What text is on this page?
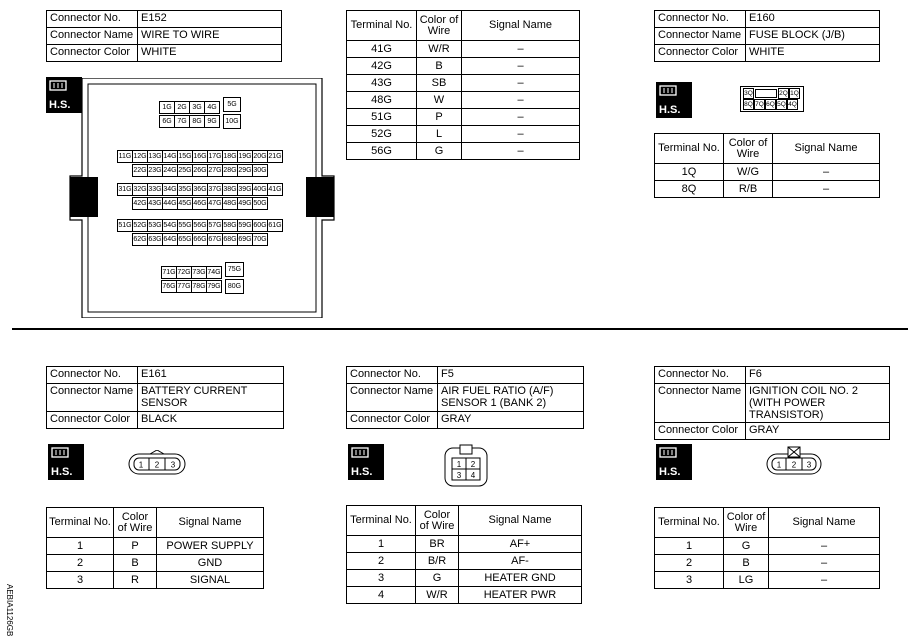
Connector No.	E152
Connector Name	WIRE TO WIRE
Connector Color	WHITE
H.S.	1G 2G 3G 4G	5G
6G 7G 8G 9G	10G
11G 12G 13G 14G 15G 16G 17G 18G 19G 20G 21G
22G 23G 24G 25G 26G 27G 28G 29G 30G
31G 32G 33G 34G 35G 36G 37G 38G 39G 40G 41G
42G 43G 44G 45G 46G 47G 48G 49G 50G
51G 52G 53G 54G 55G 56G 57G 58G 59G 60G 61G
62G 63G 64G 65G 66G 67G 68G 69G 70G
71G 72G 73G 74G	75G
76G 77G 78G 79G	80G
Terminal No.	Color of Wire	Signal Name
41G	W/R	–
42G	B	–
43G	SB	–
48G	W	–
51G	P	–
52G	L	–
56G	G	–
Connector No.	E160
Connector Name	FUSE BLOCK (J/B)
Connector Color	WHITE
H.S.
3Q	2Q 1Q
8Q 7Q 6Q 5Q 4Q
Terminal No.	Color of Wire	Signal Name
1Q	W/G	–
8Q	R/B	–
Connector No.	E161
Connector Name	BATTERY CURRENT SENSOR
Connector Color	BLACK
H.S.
1 2 3
Terminal No.	Color of Wire	Signal Name
1	P	POWER SUPPLY
2	B	GND
3	R	SIGNAL
Connector No.	F5
Connector Name	AIR FUEL RATIO (A/F) SENSOR 1 (BANK 2)
Connector Color	GRAY
H.S.
1 2
3 4
Terminal No.	Color of Wire	Signal Name
1	BR	AF+
2	B/R	AF-
3	G	HEATER GND
4	W/R	HEATER PWR
Connector No.	F6
Connector Name	IGNITION COIL NO. 2 (WITH POWER TRANSISTOR)
Connector Color	GRAY
H.S.
1 2 3
Terminal No.	Color of Wire	Signal Name
1	G	–
2	B	–
3	LG	–
AEBIA1126GB
